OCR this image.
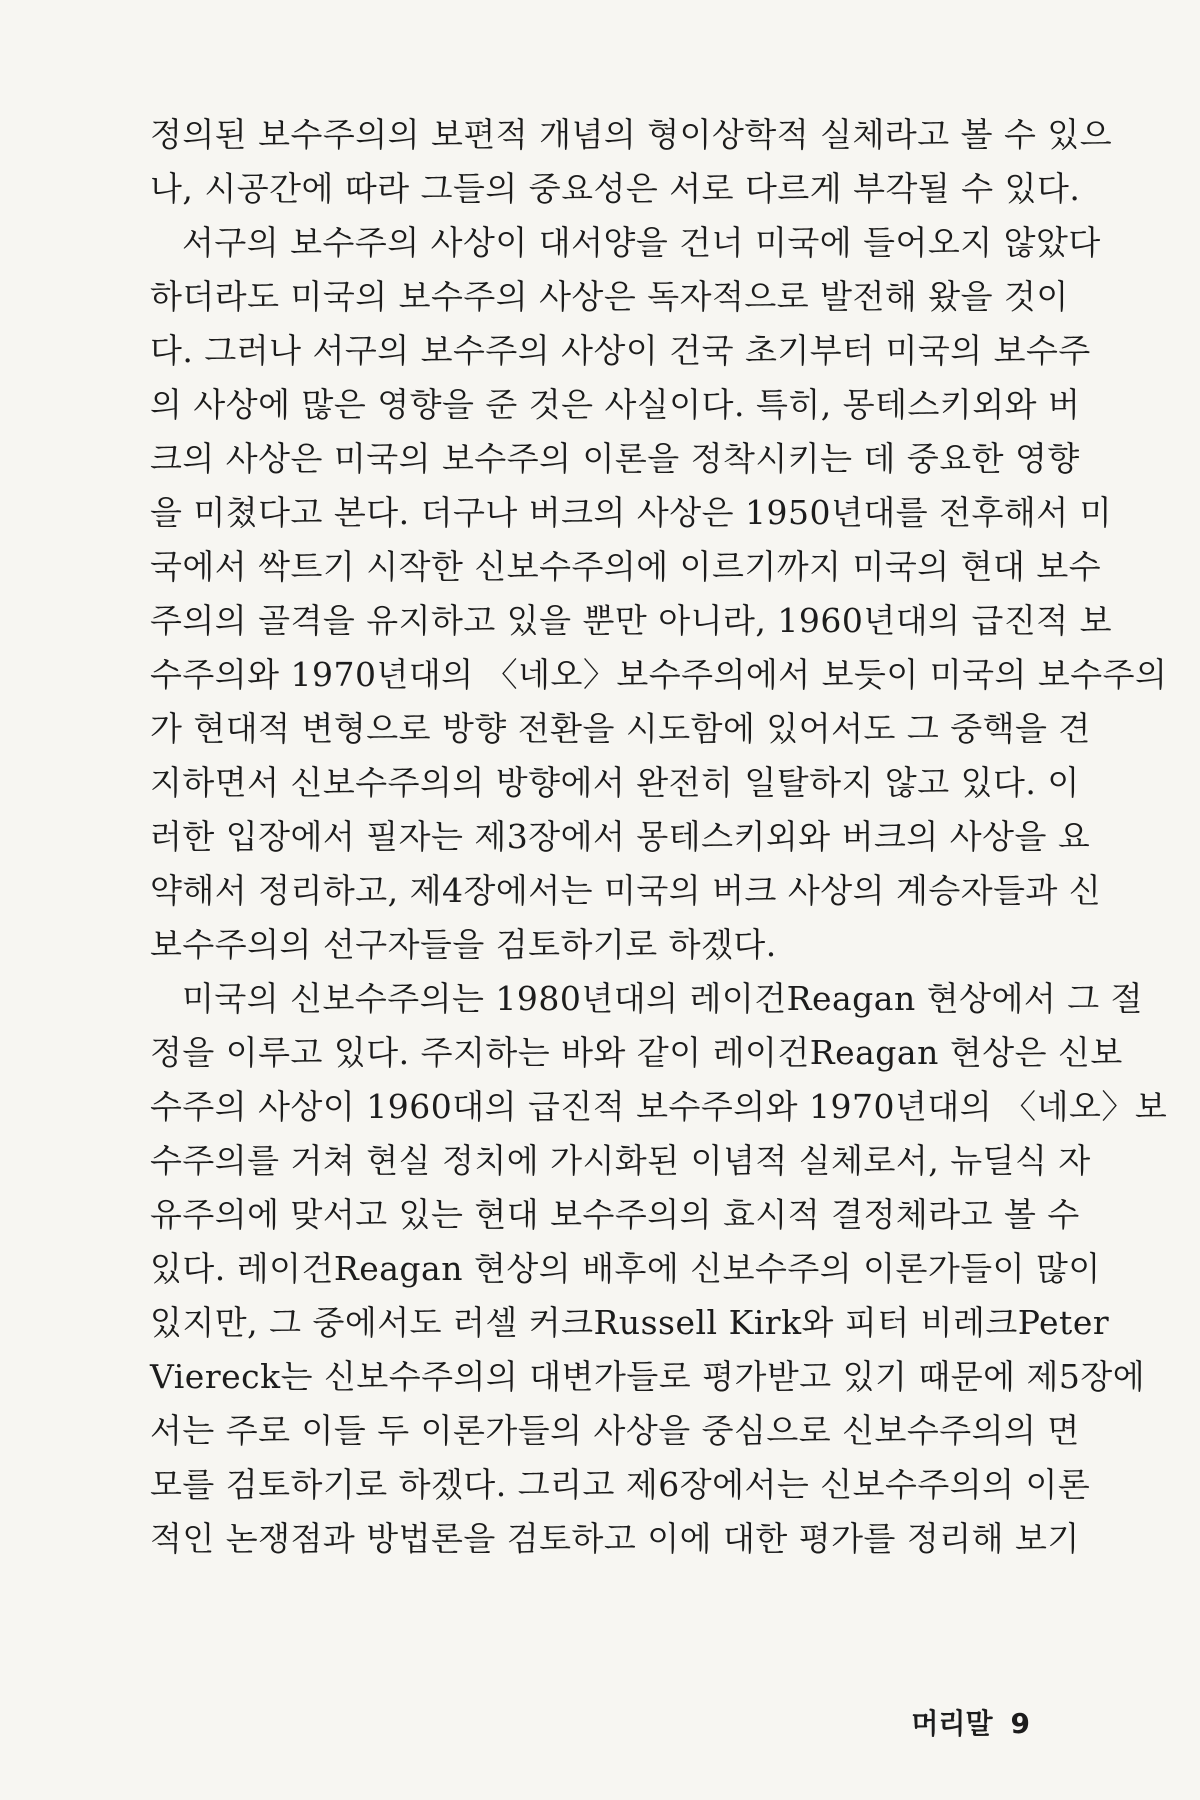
정의된 보수주의의 보편적 개념의 형이상학적 실체라고 볼 수 있으
나, 시공간에 따라 그들의 중요성은 서로 다르게 부각될 수 있다.
서구의 보수주의 사상이 대서양을 건너 미국에 들어오지 않았다
하더라도 미국의 보수주의 사상은 독자적으로 발전해 왔을 것이
다. 그러나 서구의 보수주의 사상이 건국 초기부터 미국의 보수주
의 사상에 많은 영향을 준 것은 사실이다. 특히, 몽테스키외와 버
크의 사상은 미국의 보수주의 이론을 정착시키는 데 중요한 영향
을 미쳤다고 본다. 더구나 버크의 사상은 1950년대를 전후해서 미
국에서 싹트기 시작한 신보수주의에 이르기까지 미국의 현대 보수
주의의 골격을 유지하고 있을 뿐만 아니라, 1960년대의 급진적 보
수주의와 1970년대의 〈네오〉보수주의에서 보듯이 미국의 보수주의
가 현대적 변형으로 방향 전환을 시도함에 있어서도 그 중핵을 견
지하면서 신보수주의의 방향에서 완전히 일탈하지 않고 있다. 이
러한 입장에서 필자는 제3장에서 몽테스키외와 버크의 사상을 요
약해서 정리하고, 제4장에서는 미국의 버크 사상의 계승자들과 신
보수주의의 선구자들을 검토하기로 하겠다.
미국의 신보수주의는 1980년대의 레이건Reagan 현상에서 그 절
정을 이루고 있다. 주지하는 바와 같이 레이건Reagan 현상은 신보
수주의 사상이 1960대의 급진적 보수주의와 1970년대의 〈네오〉보
수주의를 거쳐 현실 정치에 가시화된 이념적 실체로서, 뉴딜식 자
유주의에 맞서고 있는 현대 보수주의의 효시적 결정체라고 볼 수
있다. 레이건Reagan 현상의 배후에 신보수주의 이론가들이 많이
있지만, 그 중에서도 러셀 커크Russell Kirk와 피터 비레크Peter
Viereck는 신보수주의의 대변가들로 평가받고 있기 때문에 제5장에
서는 주로 이들 두 이론가들의 사상을 중심으로 신보수주의의 면
모를 검토하기로 하겠다. 그리고 제6장에서는 신보수주의의 이론
적인 논쟁점과 방법론을 검토하고 이에 대한 평가를 정리해 보기
머리말 9
